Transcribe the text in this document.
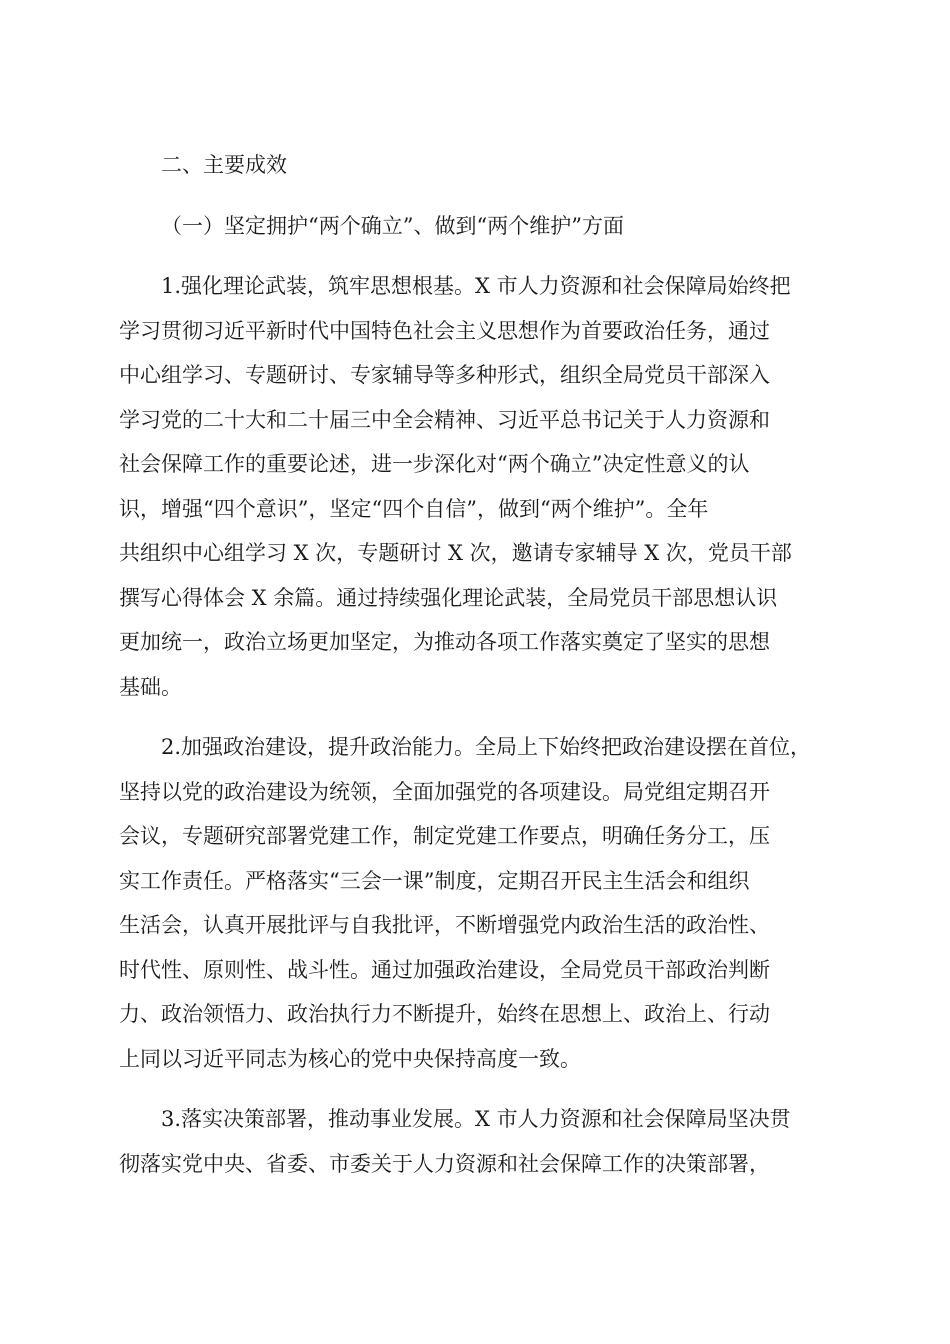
二、主要成效
（一）坚定拥护“两个确立”、做到“两个维护”方面
1.强化理论武装，筑牢思想根基。X 市人力资源和社会保障局始终把
学习贯彻习近平新时代中国特色社会主义思想作为首要政治任务，通过
中心组学习、专题研讨、专家辅导等多种形式，组织全局党员干部深入
学习党的二十大和二十届三中全会精神、习近平总书记关于人力资源和
社会保障工作的重要论述，进一步深化对“两个确立”决定性意义的认
识，增强“四个意识”，坚定“四个自信”，做到“两个维护”。全年
共组织中心组学习 X 次，专题研讨 X 次，邀请专家辅导 X 次，党员干部
撰写心得体会 X 余篇。通过持续强化理论武装，全局党员干部思想认识
更加统一，政治立场更加坚定，为推动各项工作落实奠定了坚实的思想
基础。
2.加强政治建设，提升政治能力。全局上下始终把政治建设摆在首位，
坚持以党的政治建设为统领，全面加强党的各项建设。局党组定期召开
会议，专题研究部署党建工作，制定党建工作要点，明确任务分工，压
实工作责任。严格落实“三会一课”制度，定期召开民主生活会和组织
生活会，认真开展批评与自我批评，不断增强党内政治生活的政治性、
时代性、原则性、战斗性。通过加强政治建设，全局党员干部政治判断
力、政治领悟力、政治执行力不断提升，始终在思想上、政治上、行动
上同以习近平同志为核心的党中央保持高度一致。
3.落实决策部署，推动事业发展。X 市人力资源和社会保障局坚决贯
彻落实党中央、省委、市委关于人力资源和社会保障工作的决策部署，
